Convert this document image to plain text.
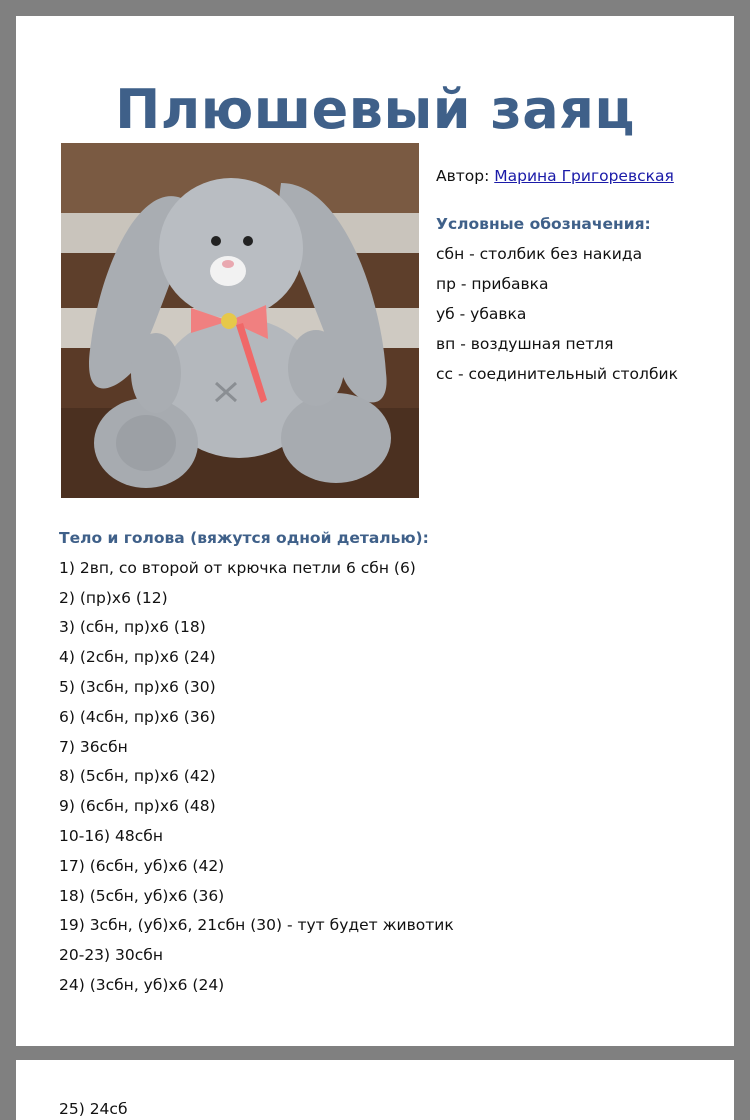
Плюшевый заяц

Автор: Марина Григоревская

Условные обозначения:
сбн - столбик без накида
пр - прибавка
уб - убавка
вп - воздушная петля
сс - соединительный столбик

Тело и голова (вяжутся одной деталью):

1) 2вп, со второй от крючка петли 6 сбн (6)
2) (пр)х6 (12)
3) (сбн, пр)х6 (18)
4) (2сбн, пр)х6 (24)
5) (3сбн, пр)х6 (30)
6) (4сбн, пр)х6 (36)
7) 36сбн
8) (5сбн, пр)х6 (42)
9) (6сбн, пр)х6 (48)
10-16) 48сбн
17) (6сбн, уб)х6 (42)
18) (5сбн, уб)х6 (36)
19) 3сбн, (уб)х6, 21сбн (30) - тут будет животик
20-23) 30сбн
24) (3сбн, уб)х6 (24)
25) 24сб
